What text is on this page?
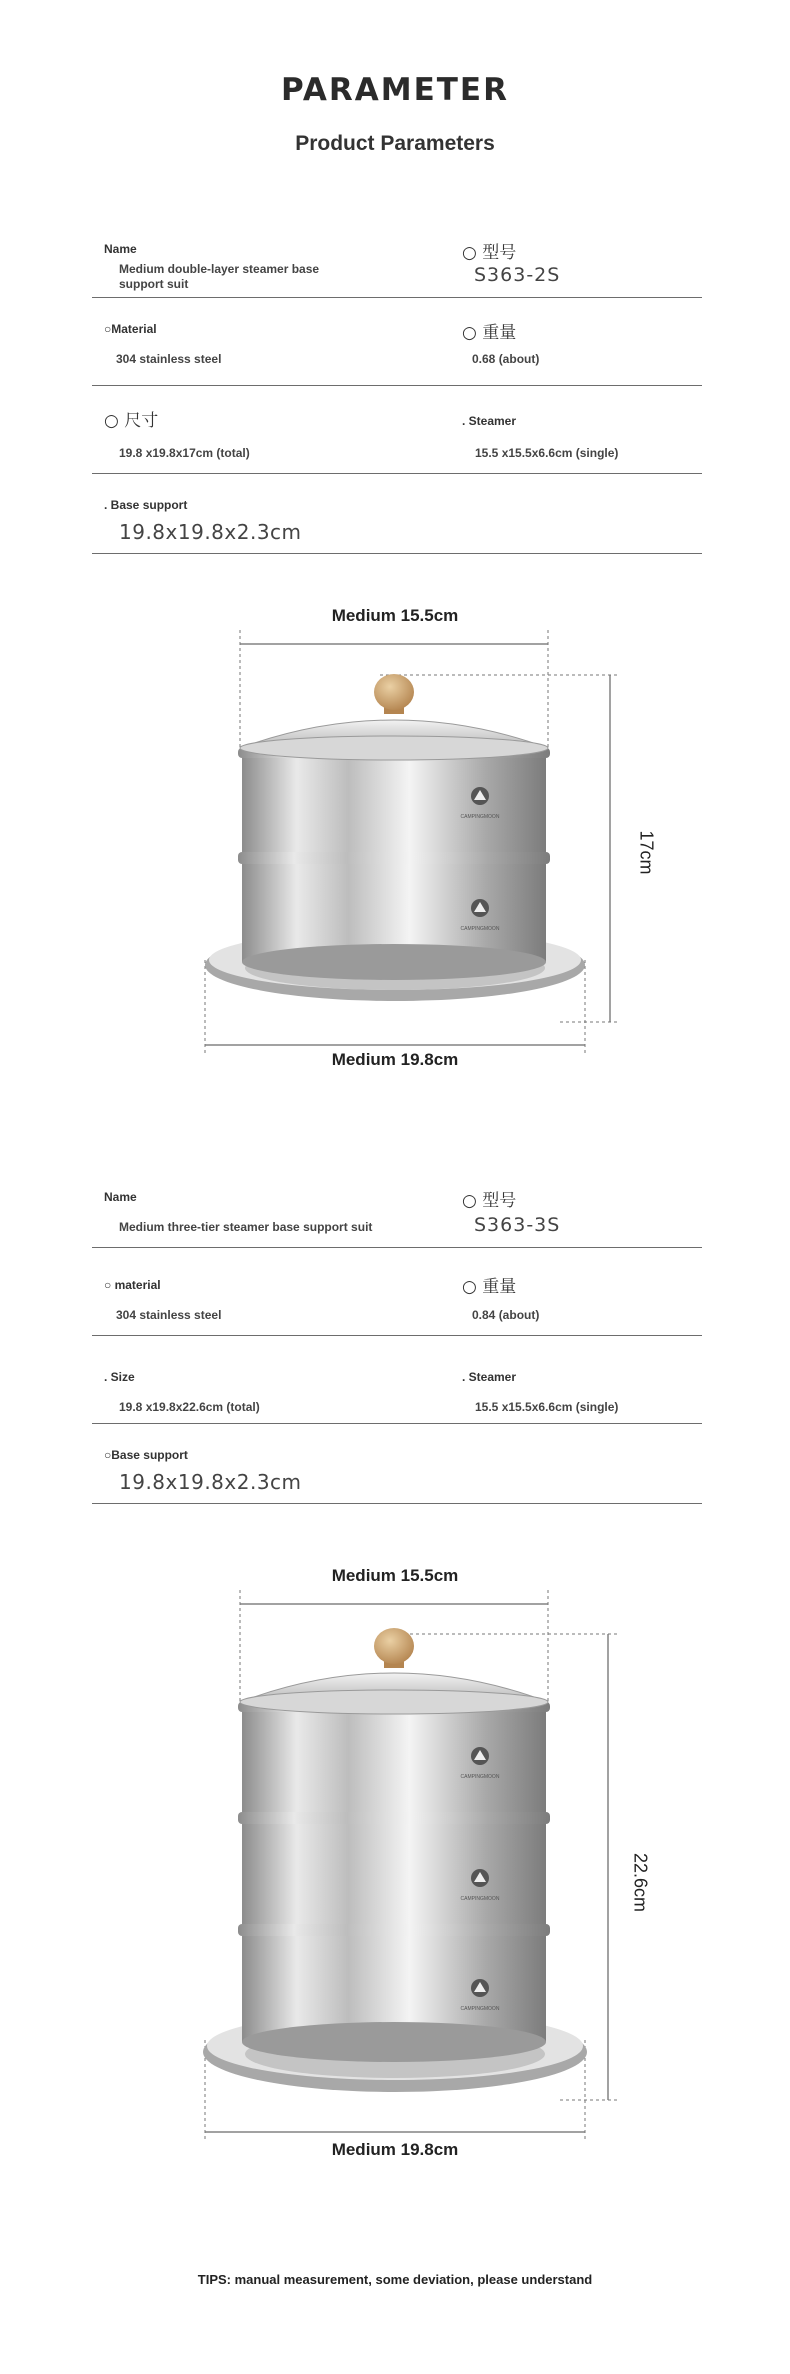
PARAMETER
Product Parameters
Name
Medium double-layer steamer base support suit
○ 型号
S363-2S
○Material
304 stainless steel
○ 重量
0.68 (about)
○ 尺寸
19.8 x19.8x17cm (total)
. Steamer
15.5 x15.5x6.6cm (single)
. Base support
19.8x19.8x2.3cm
Medium 15.5cm
Medium 19.8cm
17cm
CAMPINGMOON
CAMPINGMOON
Name
Medium three-tier steamer base support suit
○ 型号
S363-3S
○ material
304 stainless steel
○ 重量
0.84 (about)
. Size
19.8 x19.8x22.6cm (total)
. Steamer
15.5 x15.5x6.6cm (single)
○Base support
19.8x19.8x2.3cm
Medium 15.5cm
Medium 19.8cm
22.6cm
CAMPINGMOON
CAMPINGMOON
CAMPINGMOON
TIPS: manual measurement, some deviation, please understand
